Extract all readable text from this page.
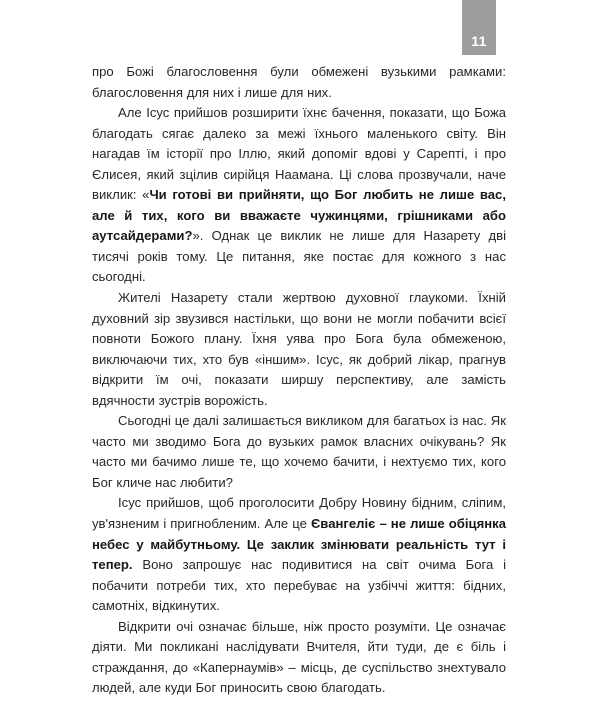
11

про Божі благословення були обмежені вузькими рамками: благословення для них і лише для них.

Але Ісус прийшов розширити їхнє бачення, показати, що Божа благодать сягає далеко за межі їхнього маленького світу. Він нагадав їм історії про Іллю, який допоміг вдові у Сарепті, і про Єлисея, який зцілив сирійця Наамана. Ці слова прозвучали, наче виклик: «Чи готові ви прийняти, що Бог любить не лише вас, але й тих, кого ви вважаєте чужинцями, грішниками або аутсайдерами?». Однак це виклик не лише для Назарету дві тисячі років тому. Це питання, яке постає для кожного з нас сьогодні.

Жителі Назарету стали жертвою духовної глаукоми. Їхній духовний зір звузився настільки, що вони не могли побачити всієї повноти Божого плану. Їхня уява про Бога була обмеженою, виключаючи тих, хто був «іншим». Ісус, як добрий лікар, прагнув відкрити їм очі, показати ширшу перспективу, але замість вдячности зустрів ворожість.

Сьогодні це далі залишається викликом для багатьох із нас. Як часто ми зводимо Бога до вузьких рамок власних очікувань? Як часто ми бачимо лише те, що хочемо бачити, і нехтуємо тих, кого Бог кличе нас любити?

Ісус прийшов, щоб проголосити Добру Новину бідним, сліпим, ув'язненим і пригнобленим. Але це Євангеліє – не лише обіцянка небес у майбутньому. Це заклик змінювати реальність тут і тепер. Воно запрошує нас подивитися на світ очима Бога і побачити потреби тих, хто перебуває на узбіччі життя: бідних, самотніх, відкинутих.

Відкрити очі означає більше, ніж просто розуміти. Це означає діяти. Ми покликані наслідувати Вчителя, йти туди, де є біль і страждання, до «Капернаумів» – місць, де суспільство знехтувало людей, але куди Бог приносить свою благодать.
